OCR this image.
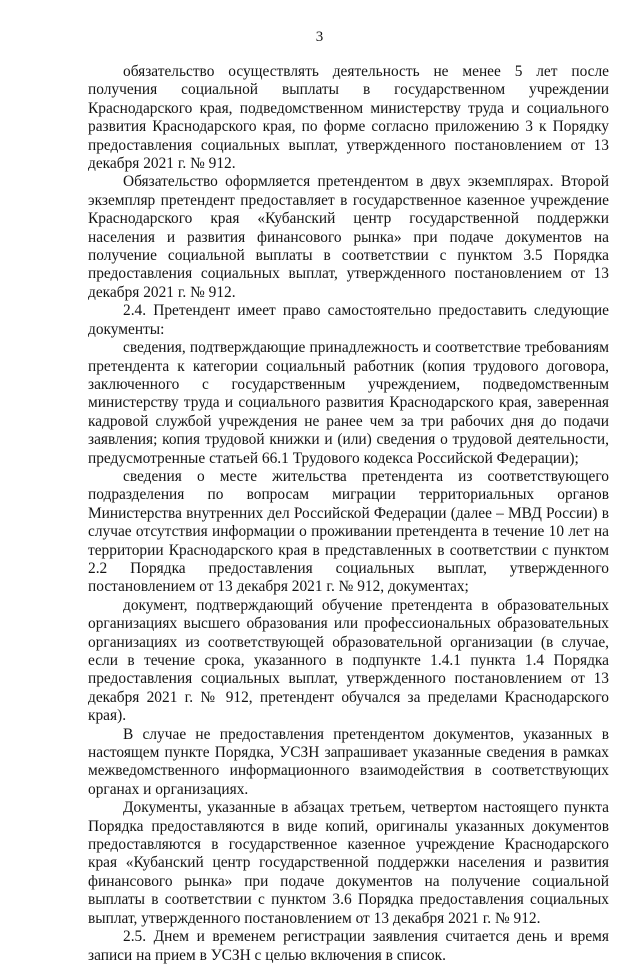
3

обязательство осуществлять деятельность не менее 5 лет после получения социальной выплаты в государственном учреждении Краснодарского края, подведомственном министерству труда и социального развития Краснодарского края, по форме согласно приложению 3 к Порядку предоставления социальных выплат, утвержденного постановлением от 13 декабря 2021 г. № 912.

Обязательство оформляется претендентом в двух экземплярах. Второй экземпляр претендент предоставляет в государственное казенное учреждение Краснодарского края «Кубанский центр государственной поддержки населения и развития финансового рынка» при подаче документов на получение социальной выплаты в соответствии с пунктом 3.5 Порядка предоставления социальных выплат, утвержденного постановлением от 13 декабря 2021 г. № 912.

2.4. Претендент имеет право самостоятельно предоставить следующие документы:

сведения, подтверждающие принадлежность и соответствие требованиям претендента к категории социальный работник (копия трудового договора, заключенного с государственным учреждением, подведомственным министерству труда и социального развития Краснодарского края, заверенная кадровой службой учреждения не ранее чем за три рабочих дня до подачи заявления; копия трудовой книжки и (или) сведения о трудовой деятельности, предусмотренные статьей 66.1 Трудового кодекса Российской Федерации);

сведения о месте жительства претендента из соответствующего подразделения по вопросам миграции территориальных органов Министерства внутренних дел Российской Федерации (далее – МВД России) в случае отсутствия информации о проживании претендента в течение 10 лет на территории Краснодарского края в представленных в соответствии с пунктом 2.2 Порядка предоставления социальных выплат, утвержденного постановлением от 13 декабря 2021 г. № 912, документах;

документ, подтверждающий обучение претендента в образовательных организациях высшего образования или профессиональных образовательных организациях из соответствующей образовательной организации (в случае, если в течение срока, указанного в подпункте 1.4.1 пункта 1.4 Порядка предоставления социальных выплат, утвержденного постановлением от 13 декабря 2021 г. № 912, претендент обучался за пределами Краснодарского края).

В случае не предоставления претендентом документов, указанных в настоящем пункте Порядка, УСЗН запрашивает указанные сведения в рамках межведомственного информационного взаимодействия в соответствующих органах и организациях.

Документы, указанные в абзацах третьем, четвертом настоящего пункта Порядка предоставляются в виде копий, оригиналы указанных документов предоставляются в государственное казенное учреждение Краснодарского края «Кубанский центр государственной поддержки населения и развития финансового рынка» при подаче документов на получение социальной выплаты в соответствии с пунктом 3.6 Порядка предоставления социальных выплат, утвержденного постановлением от 13 декабря 2021 г. № 912.

2.5. Днем и временем регистрации заявления считается день и время записи на прием в УСЗН с целью включения в список.
